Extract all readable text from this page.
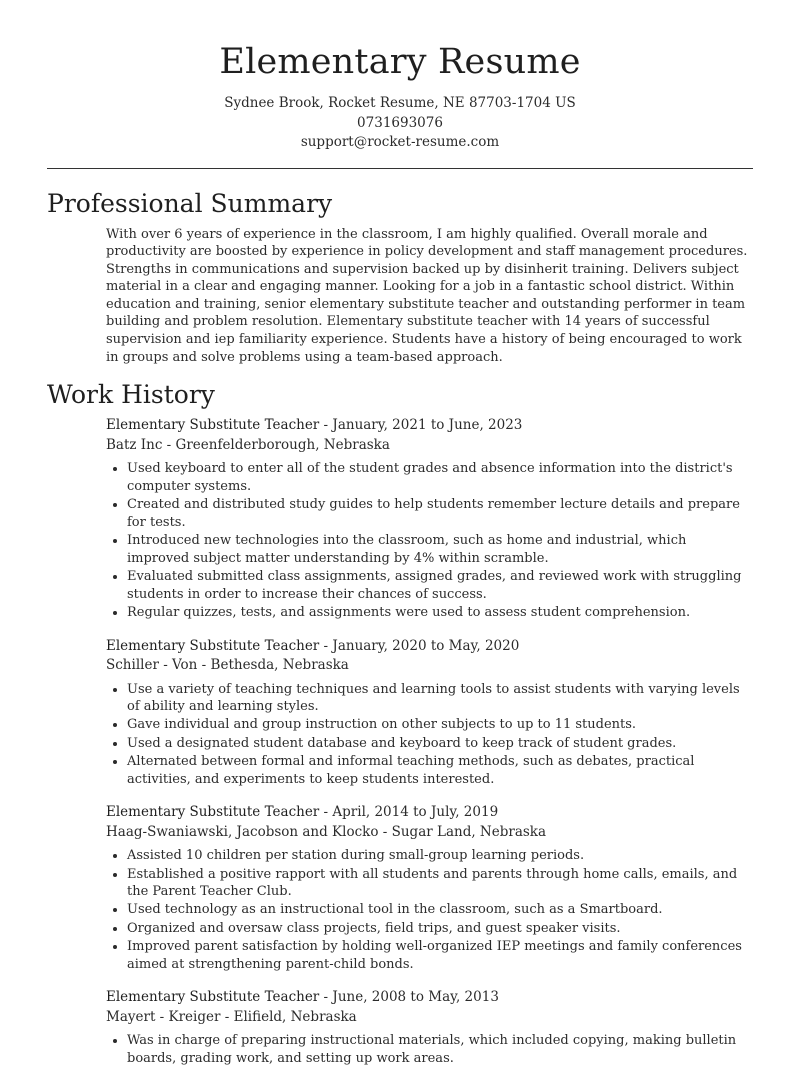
Elementary Resume
Sydnee Brook, Rocket Resume, NE 87703-1704 US
0731693076
support@rocket-resume.com
Professional Summary

With over 6 years of experience in the classroom, I am highly qualified. Overall morale and productivity are boosted by experience in policy development and staff management procedures. Strengths in communications and supervision backed up by disinherit training. Delivers subject material in a clear and engaging manner. Looking for a job in a fantastic school district. Within education and training, senior elementary substitute teacher and outstanding performer in team building and problem resolution. Elementary substitute teacher with 14 years of successful supervision and iep familiarity experience. Students have a history of being encouraged to work in groups and solve problems using a team-based approach.

Work History
Elementary Substitute Teacher - January, 2021 to June, 2023
Batz Inc - Greenfelderborough, Nebraska
• Used keyboard to enter all of the student grades and absence information into the district's computer systems.
• Created and distributed study guides to help students remember lecture details and prepare for tests.
• Introduced new technologies into the classroom, such as home and industrial, which improved subject matter understanding by 4% within scramble.
• Evaluated submitted class assignments, assigned grades, and reviewed work with struggling students in order to increase their chances of success.
• Regular quizzes, tests, and assignments were used to assess student comprehension.
Elementary Substitute Teacher - January, 2020 to May, 2020
Schiller - Von - Bethesda, Nebraska
• Use a variety of teaching techniques and learning tools to assist students with varying levels of ability and learning styles.
• Gave individual and group instruction on other subjects to up to 11 students.
• Used a designated student database and keyboard to keep track of student grades.
• Alternated between formal and informal teaching methods, such as debates, practical activities, and experiments to keep students interested.
Elementary Substitute Teacher - April, 2014 to July, 2019
Haag-Swaniawski, Jacobson and Klocko - Sugar Land, Nebraska
• Assisted 10 children per station during small-group learning periods.
• Established a positive rapport with all students and parents through home calls, emails, and the Parent Teacher Club.
• Used technology as an instructional tool in the classroom, such as a Smartboard.
• Organized and oversaw class projects, field trips, and guest speaker visits.
• Improved parent satisfaction by holding well-organized IEP meetings and family conferences aimed at strengthening parent-child bonds.
Elementary Substitute Teacher - June, 2008 to May, 2013
Mayert - Kreiger - Elifield, Nebraska
• Was in charge of preparing instructional materials, which included copying, making bulletin boards, grading work, and setting up work areas.
